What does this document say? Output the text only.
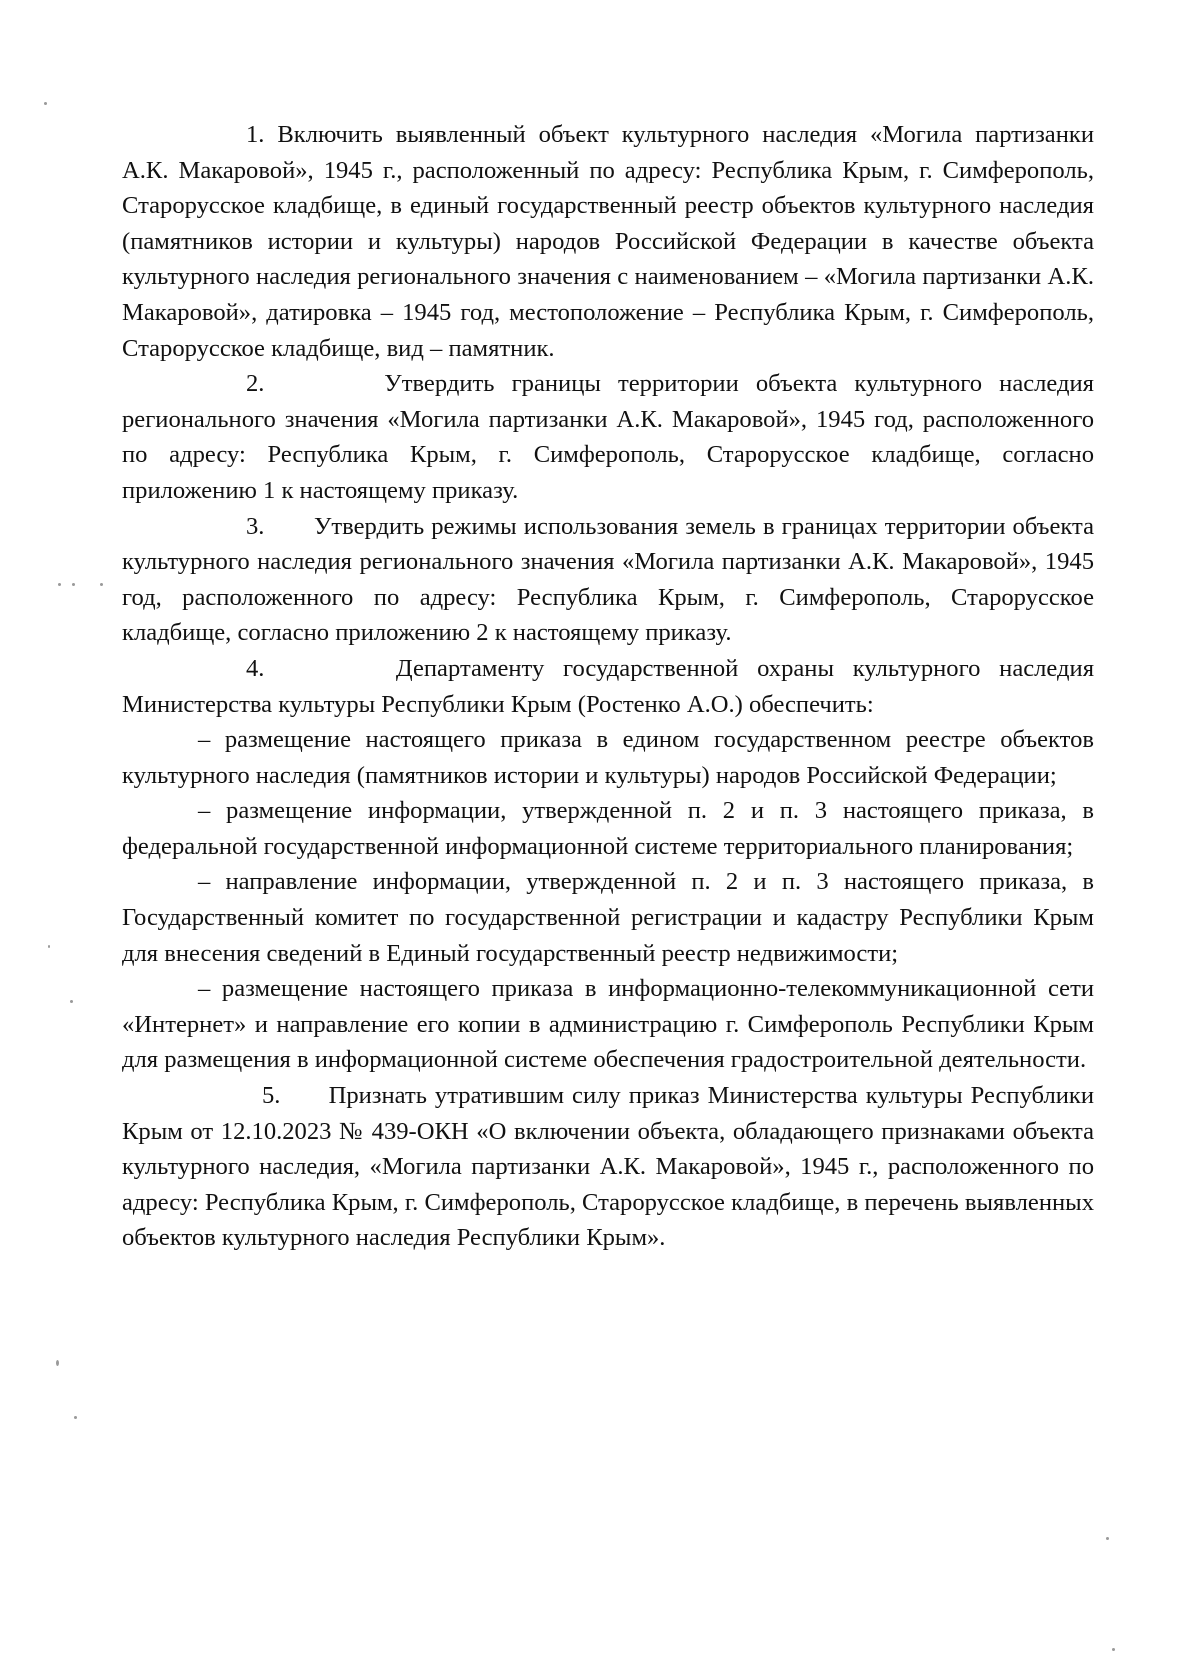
1. Включить выявленный объект культурного наследия «Могила партизанки А.К. Макаровой», 1945 г., расположенный по адресу: Республика Крым, г. Симферополь, Старорусское кладбище, в единый государственный реестр объектов культурного наследия (памятников истории и культуры) народов Российской Федерации в качестве объекта культурного наследия регионального значения с наименованием – «Могила партизанки А.К. Макаровой», датировка – 1945 год, местоположение – Республика Крым, г. Симферополь, Старорусское кладбище, вид – памятник.

2.	Утвердить границы территории объекта культурного наследия регионального значения «Могила партизанки А.К. Макаровой», 1945 год, расположенного по адресу: Республика Крым, г. Симферополь, Старорусское кладбище, согласно приложению 1 к настоящему приказу.

3. Утвердить режимы использования земель в границах территории объекта культурного наследия регионального значения «Могила партизанки А.К. Макаровой», 1945 год, расположенного по адресу: Республика Крым, г. Симферополь, Старорусское кладбище, согласно приложению 2 к настоящему приказу.

4.	Департаменту государственной охраны культурного наследия Министерства культуры Республики Крым (Ростенко А.О.) обеспечить:

– размещение настоящего приказа в едином государственном реестре объектов культурного наследия (памятников истории и культуры) народов Российской Федерации;

– размещение информации, утвержденной п. 2 и п. 3 настоящего приказа, в федеральной государственной информационной системе территориального планирования;

– направление информации, утвержденной п. 2 и п. 3 настоящего приказа, в Государственный комитет по государственной регистрации и кадастру Республики Крым для внесения сведений в Единый государственный реестр недвижимости;

– размещение настоящего приказа в информационно-телекоммуникационной сети «Интернет» и направление его копии в администрацию г. Симферополь Республики Крым для размещения в информационной системе обеспечения градостроительной деятельности.

5. Признать утратившим силу приказ Министерства культуры Республики Крым от 12.10.2023 № 439-ОКН «О включении объекта, обладающего признаками объекта культурного наследия, «Могила партизанки А.К. Макаровой», 1945 г., расположенного по адресу: Республика Крым, г. Симферополь, Старорусское кладбище, в перечень выявленных объектов культурного наследия Республики Крым».
